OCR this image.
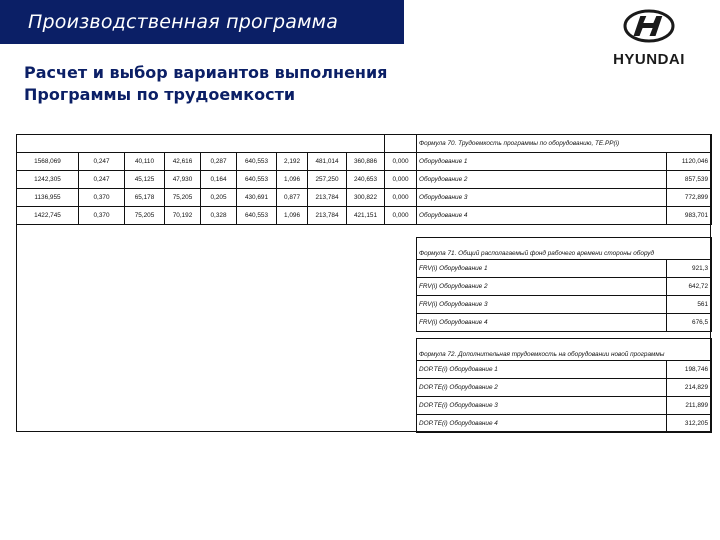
Производственная программа
HYUNDAI
Расчет и выбор вариантов выполнения
Программы по трудоемкости
										Формула 70. Трудоемкость программы по оборудованию, TE.PP(i)	
1568,069	0,247	40,110	42,616	0,287	640,553	2,192	481,014	360,886	0,000	Оборудование 1	1120,046
1242,305	0,247	45,125	47,930	0,164	640,553	1,096	257,250	240,653	0,000	Оборудование 2	857,539
1136,955	0,370	65,178	75,205	0,205	430,691	0,877	213,784	300,822	0,000	Оборудование 3	772,899
1422,745	0,370	75,205	70,192	0,328	640,553	1,096	213,784	421,151	0,000	Оборудование 4	983,701

										Формула 71. Общий располагаемый фонд рабочего времени стороны оборуд	
										FRV(i) Оборудование 1	921,3
										FRV(i) Оборудование 2	642,72
										FRV(i) Оборудование 3	561
										FRV(i) Оборудование 4	676,5

										Формула 72. Дополнительная трудоемкость на оборудовании новой программы	
										DOP.TE(i) Оборудование 1	198,746
										DOP.TE(i) Оборудование 2	214,829
										DOP.TE(i) Оборудование 3	211,899
										DOP.TE(i) Оборудование 4	312,205
